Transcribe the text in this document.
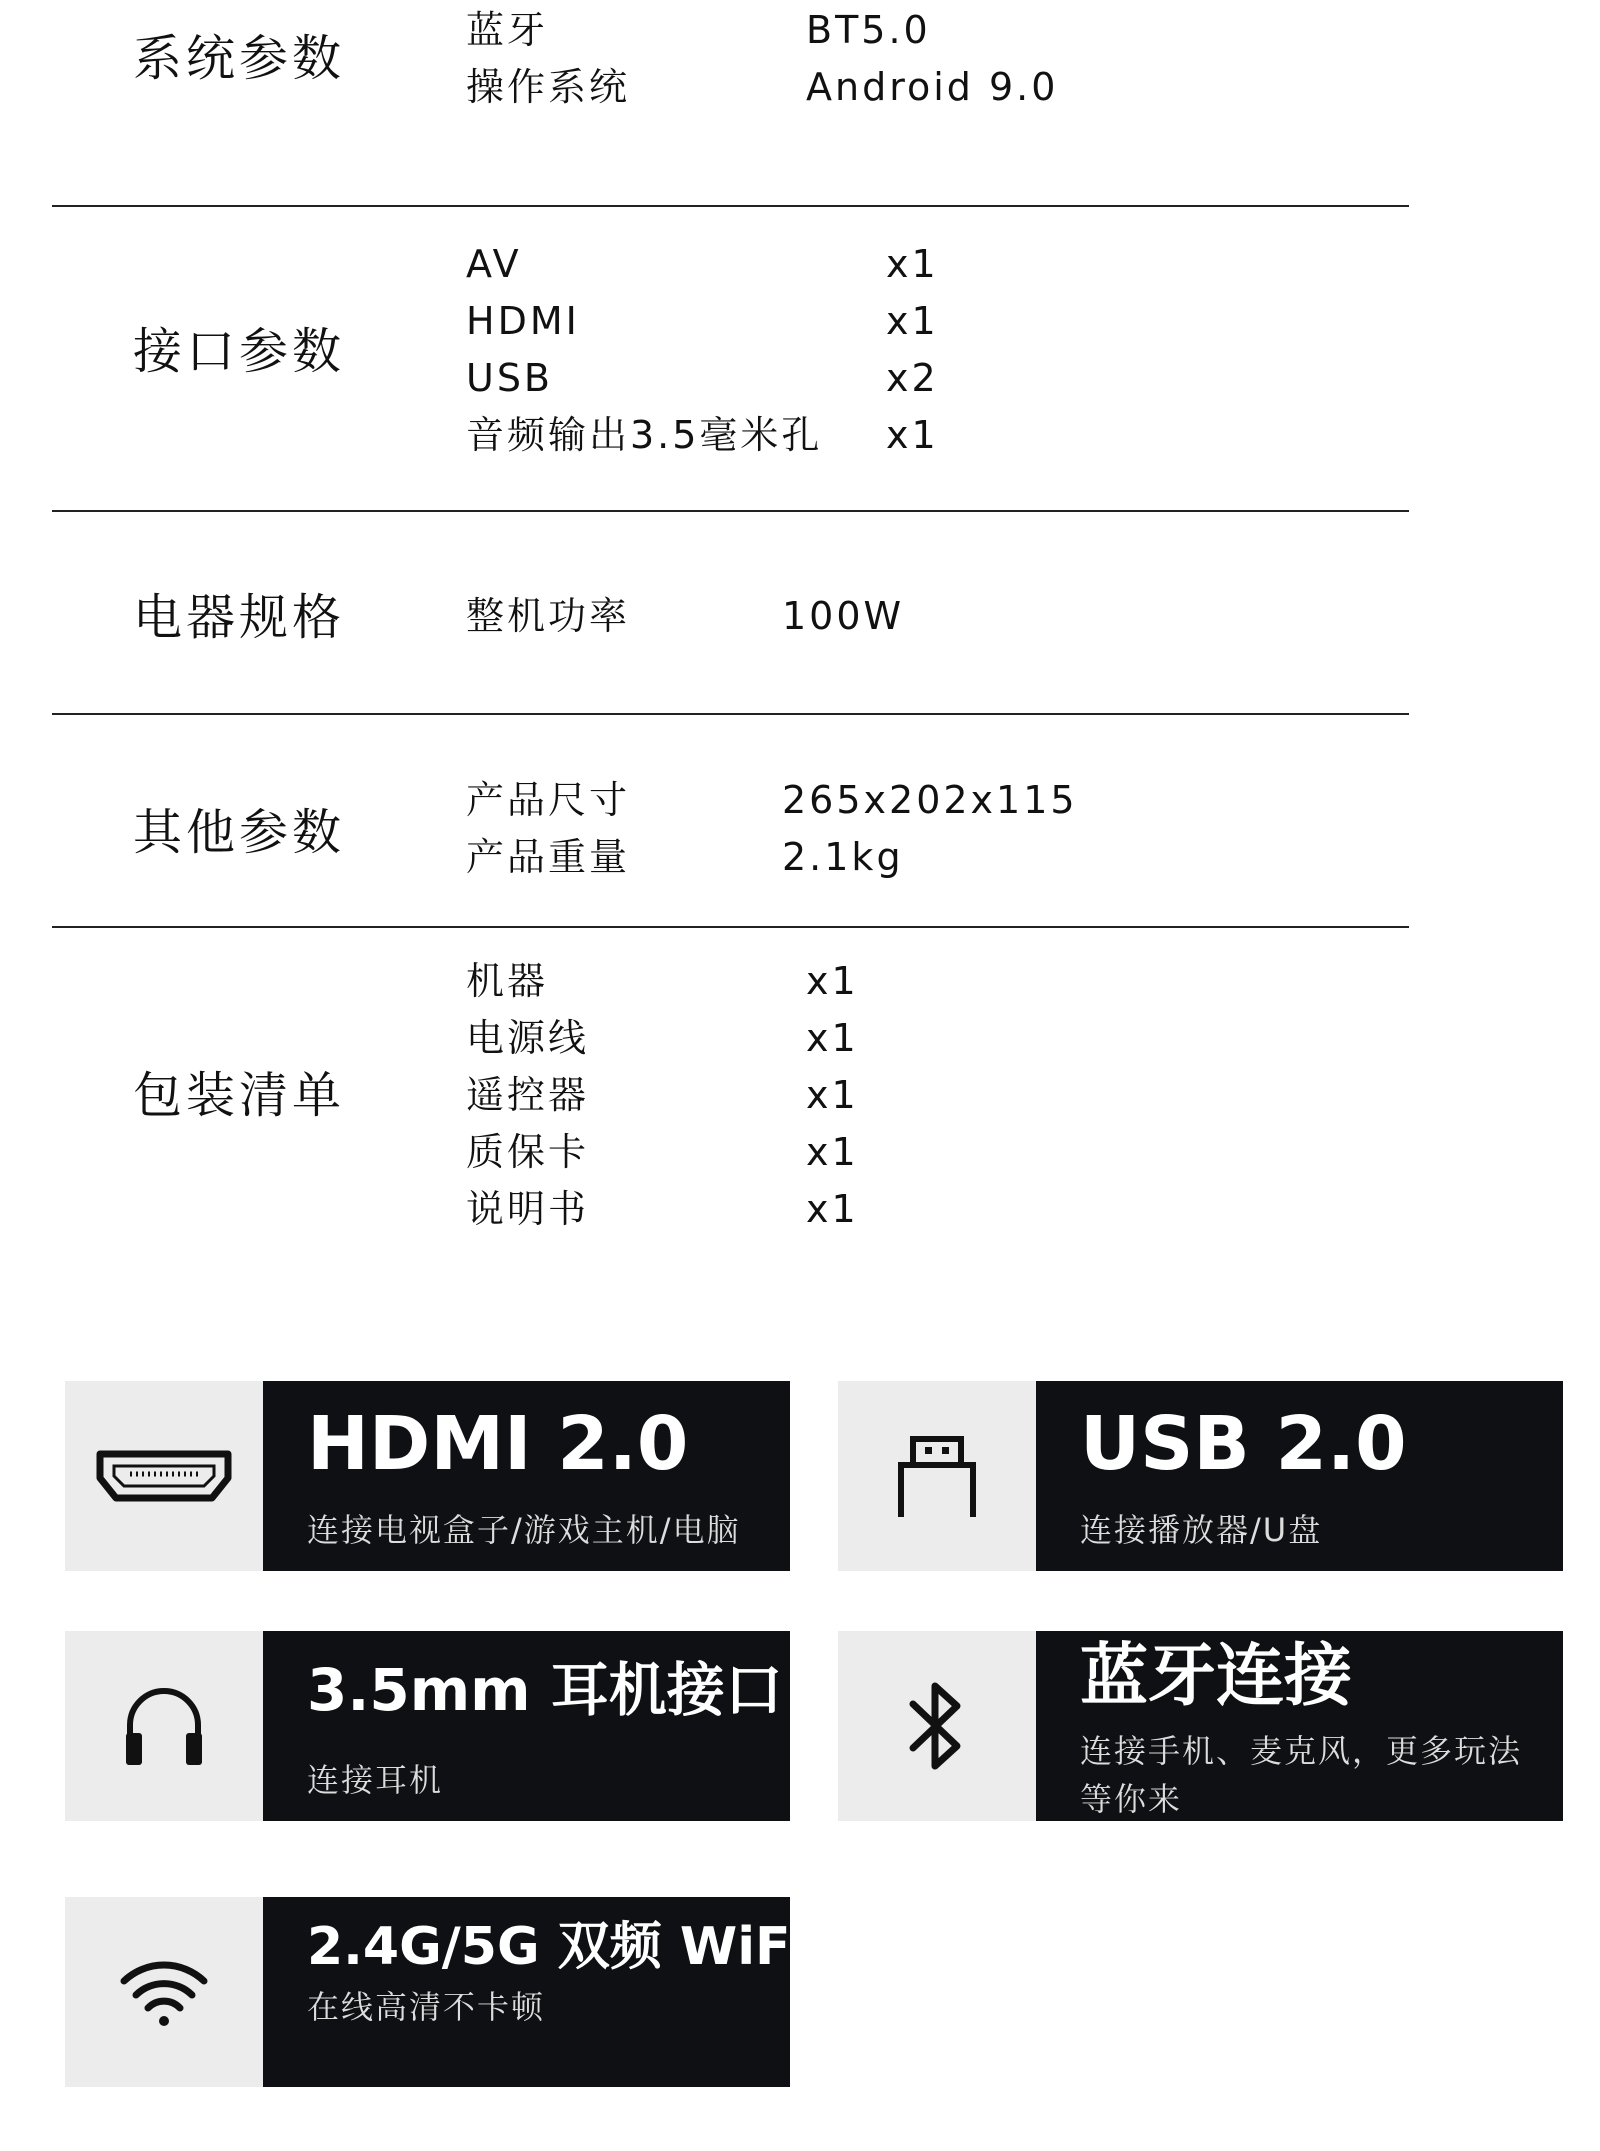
系统参数	蓝牙	BT5.0
操作系统	Android 9.0
接口参数
AV	x1
HDMI	x1
USB	x2
音频输出3.5毫米孔 x1
电器规格	整机功率	100W
其他参数
产品尺寸	265x202x115
产品重量	2.1kg
包装清单
机器	x1
电源线	x1
遥控器	x1
质保卡	x1
说明书	x1
HDMI 2.0
连接电视盒子/游戏主机/电脑
USB 2.0
连接播放器/U盘
3.5mm 耳机接口
连接耳机
蓝牙连接
连接手机、麦克风，更多玩法等你来
2.4G/5G 双频 WiFi
在线高清不卡顿
